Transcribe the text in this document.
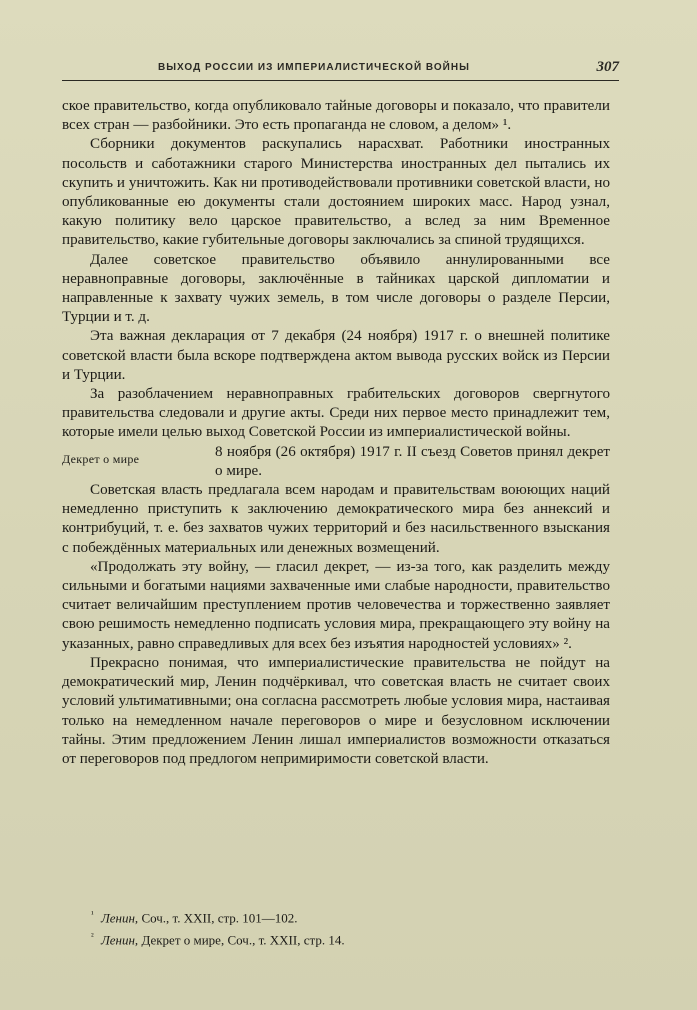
ВЫХОД РОССИИ ИЗ ИМПЕРИАЛИСТИЧЕСКОЙ ВОЙНЫ	307

ское правительство, когда опубликовало тайные договоры и показало, что правители всех стран — разбойники. Это есть пропаганда не словом, а делом» ¹.

Сборники документов раскупались нарасхват. Работники иностранных посольств и саботажники старого Министерства иностранных дел пытались их скупить и уничтожить. Как ни противодействовали противники советской власти, но опубликованные ею документы стали достоянием широких масс. Народ узнал, какую политику вело царское правительство, а вслед за ним Временное правительство, какие губительные договоры заключались за спиной трудящихся.

Далее советское правительство объявило аннулированными все неравноправные договоры, заключённые в тайниках царской дипломатии и направленные к захвату чужих земель, в том числе договоры о разделе Персии, Турции и т. д.

Эта важная декларация от 7 декабря (24 ноября) 1917 г. о внешней политике советской власти была вскоре подтверждена актом вывода русских войск из Персии и Турции.

За разоблачением неравноправных грабительских договоров свергнутого правительства следовали и другие акты. Среди них первое место принадлежит тем, которые имели целью выход Советской России из империалистической войны.

Декрет о мире	8 ноября (26 октября) 1917 г. II съезд Советов принял декрет о мире.

Советская власть предлагала всем народам и правительствам воюющих наций немедленно приступить к заключению демократического мира без аннексий и контрибуций, т. е. без захватов чужих территорий и без насильственного взыскания с побеждённых материальных или денежных возмещений.

«Продолжать эту войну, — гласил декрет, — из-за того, как разделить между сильными и богатыми нациями захваченные ими слабые народности, правительство считает величайшим преступлением против человечества и торжественно заявляет свою решимость немедленно подписать условия мира, прекращающего эту войну на указанных, равно справедливых для всех без изъятия народностей условиях» ².

Прекрасно понимая, что империалистические правительства не пойдут на демократический мир, Ленин подчёркивал, что советская власть не считает своих условий ультимативными; она согласна рассмотреть любые условия мира, настаивая только на немедленном начале переговоров о мире и безусловном исключении тайны. Этим предложением Ленин лишал империалистов возможности отказаться от переговоров под предлогом непримиримости советской власти.

$^{^1}$ Ленин, Соч., т. XXII, стр. 101—102.

$^{^2}$ Ленин, Декрет о мире, Соч., т. XXII, стр. 14.
